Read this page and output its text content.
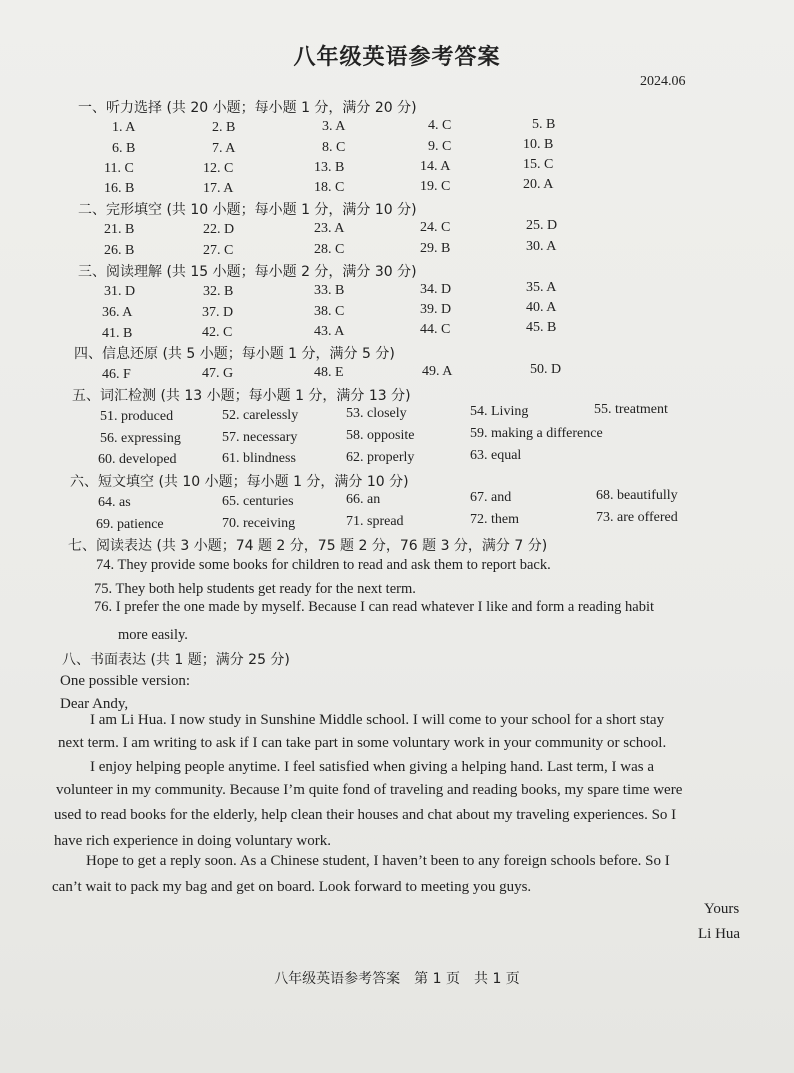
八年级英语参考答案
2024.06
一、听力选择 (共 20 小题；每小题 1 分，满分 20 分)
1. A	2. B	3. A	4. C	5. B
6. B	7. A	8. C	9. C	10. B
11. C	12. C	13. B	14. A	15. C
16. B	17. A	18. C	19. C	20. A
二、完形填空 (共 10 小题；每小题 1 分，满分 10 分)
21. B	22. D	23. A	24. C	25. D
26. B	27. C	28. C	29. B	30. A
三、阅读理解 (共 15 小题；每小题 2 分，满分 30 分)
31. D	32. B	33. B	34. D	35. A
36. A	37. D	38. C	39. D	40. A
41. B	42. C	43. A	44. C	45. B
四、信息还原 (共 5 小题；每小题 1 分，满分 5 分)
46. F	47. G	48. E	49. A	50. D
五、词汇检测 (共 13 小题；每小题 1 分，满分 13 分)
51. produced	52. carelessly	53. closely	54. Living	55. treatment
56. expressing	57. necessary	58. opposite	59. making a difference
60. developed	61. blindness	62. properly	63. equal
六、短文填空 (共 10 小题；每小题 1 分，满分 10 分)
64. as	65. centuries	66. an	67. and	68. beautifully
69. patience	70. receiving	71. spread	72. them	73. are offered
七、阅读表达 (共 3 小题；74 题 2 分，75 题 2 分，76 题 3 分，满分 7 分)
74. They provide some books for children to read and ask them to report back.
75. They both help students get ready for the next term.
76. I prefer the one made by myself. Because I can read whatever I like and form a reading habit
more easily.
八、书面表达 (共 1 题；满分 25 分)
One possible version:
Dear Andy,
I am Li Hua. I now study in Sunshine Middle school. I will come to your school for a short stay
next term. I am writing to ask if I can take part in some voluntary work in your community or school.
I enjoy helping people anytime. I feel satisfied when giving a helping hand. Last term, I was a
volunteer in my community. Because I’m quite fond of traveling and reading books, my spare time were
used to read books for the elderly, help clean their houses and chat about my traveling experiences. So I
have rich experience in doing voluntary work.
Hope to get a reply soon. As a Chinese student, I haven’t been to any foreign schools before. So I
can’t wait to pack my bag and get on board. Look forward to meeting you guys.
Yours
Li Hua
八年级英语参考答案　第 1 页　共 1 页
